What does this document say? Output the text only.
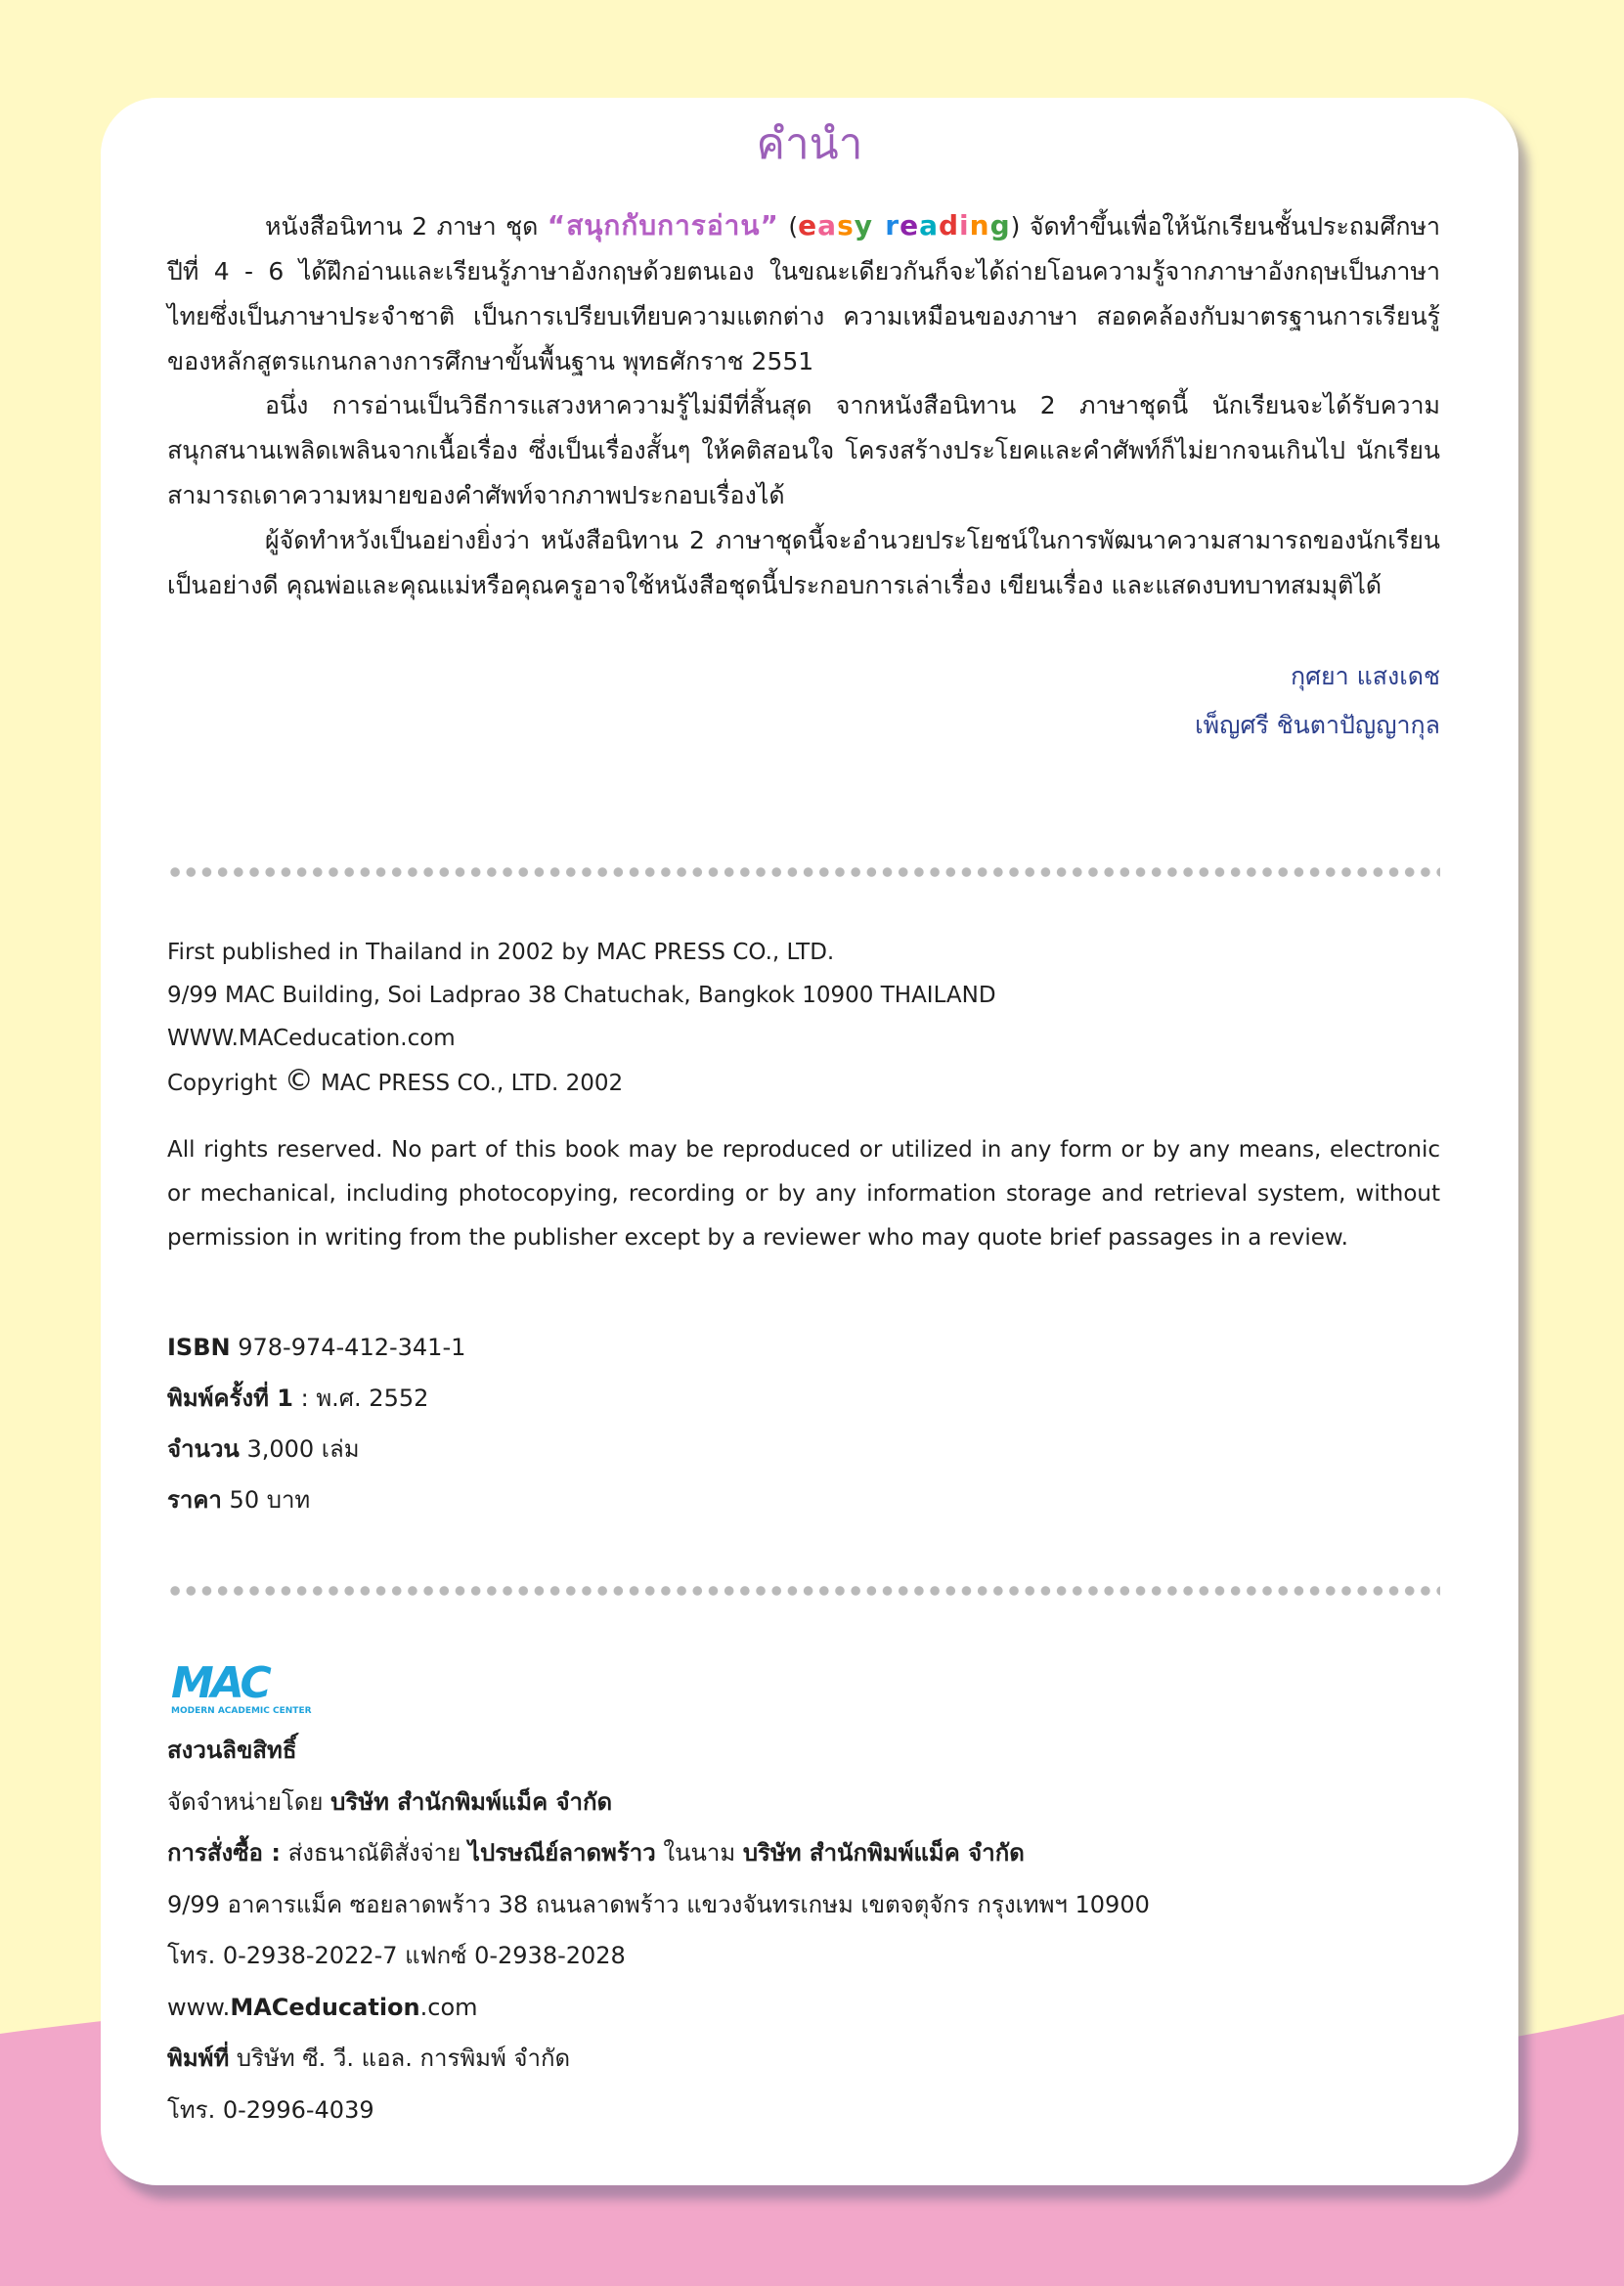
คำนำ

หนังสือนิทาน 2 ภาษา ชุด “สนุกกับการอ่าน” (easy reading) จัดทำขึ้นเพื่อให้นักเรียนชั้นประถมศึกษาปีที่ 4 - 6 ได้ฝึกอ่านและเรียนรู้ภาษาอังกฤษด้วยตนเอง ในขณะเดียวกันก็จะได้ถ่ายโอนความรู้จากภาษาอังกฤษเป็นภาษาไทยซึ่งเป็นภาษาประจำชาติ เป็นการเปรียบเทียบความแตกต่าง ความเหมือนของภาษา สอดคล้องกับมาตรฐานการเรียนรู้ของหลักสูตรแกนกลางการศึกษาขั้นพื้นฐาน พุทธศักราช 2551

อนึ่ง การอ่านเป็นวิธีการแสวงหาความรู้ไม่มีที่สิ้นสุด จากหนังสือนิทาน 2 ภาษาชุดนี้ นักเรียนจะได้รับความสนุกสนานเพลิดเพลินจากเนื้อเรื่อง ซึ่งเป็นเรื่องสั้นๆ ให้คติสอนใจ โครงสร้างประโยคและคำศัพท์ก็ไม่ยากจนเกินไป นักเรียนสามารถเดาความหมายของคำศัพท์จากภาพประกอบเรื่องได้

ผู้จัดทำหวังเป็นอย่างยิ่งว่า หนังสือนิทาน 2 ภาษาชุดนี้จะอำนวยประโยชน์ในการพัฒนาความสามารถของนักเรียนเป็นอย่างดี คุณพ่อและคุณแม่หรือคุณครูอาจใช้หนังสือชุดนี้ประกอบการเล่าเรื่อง เขียนเรื่อง และแสดงบทบาทสมมุติได้

กุศยา แสงเดช
เพ็ญศรี ชินตาปัญญากุล
First published in Thailand in 2002 by MAC PRESS CO., LTD.
9/99 MAC Building, Soi Ladprao 38 Chatuchak, Bangkok 10900 THAILAND
WWW.MACeducation.com
Copyright © MAC PRESS CO., LTD. 2002

All rights reserved. No part of this book may be reproduced or utilized in any form or by any means, electronic or mechanical, including photocopying, recording or by any information storage and retrieval system, without permission in writing from the publisher except by a reviewer who may quote brief passages in a review.

ISBN 978-974-412-341-1
พิมพ์ครั้งที่ 1 : พ.ศ. 2552
จำนวน 3,000 เล่ม
ราคา 50 บาท
MAC
MODERN ACADEMIC CENTER
สงวนลิขสิทธิ์
จัดจำหน่ายโดย บริษัท สำนักพิมพ์แม็ค จำกัด
การสั่งซื้อ : ส่งธนาณัติสั่งจ่าย ไปรษณีย์ลาดพร้าว ในนาม บริษัท สำนักพิมพ์แม็ค จำกัด
9/99 อาคารแม็ค ซอยลาดพร้าว 38 ถนนลาดพร้าว แขวงจันทรเกษม เขตจตุจักร กรุงเทพฯ 10900
โทร. 0-2938-2022-7 แฟกซ์ 0-2938-2028
www.MACeducation.com
พิมพ์ที่ บริษัท ซี. วี. แอล. การพิมพ์ จำกัด
โทร. 0-2996-4039
